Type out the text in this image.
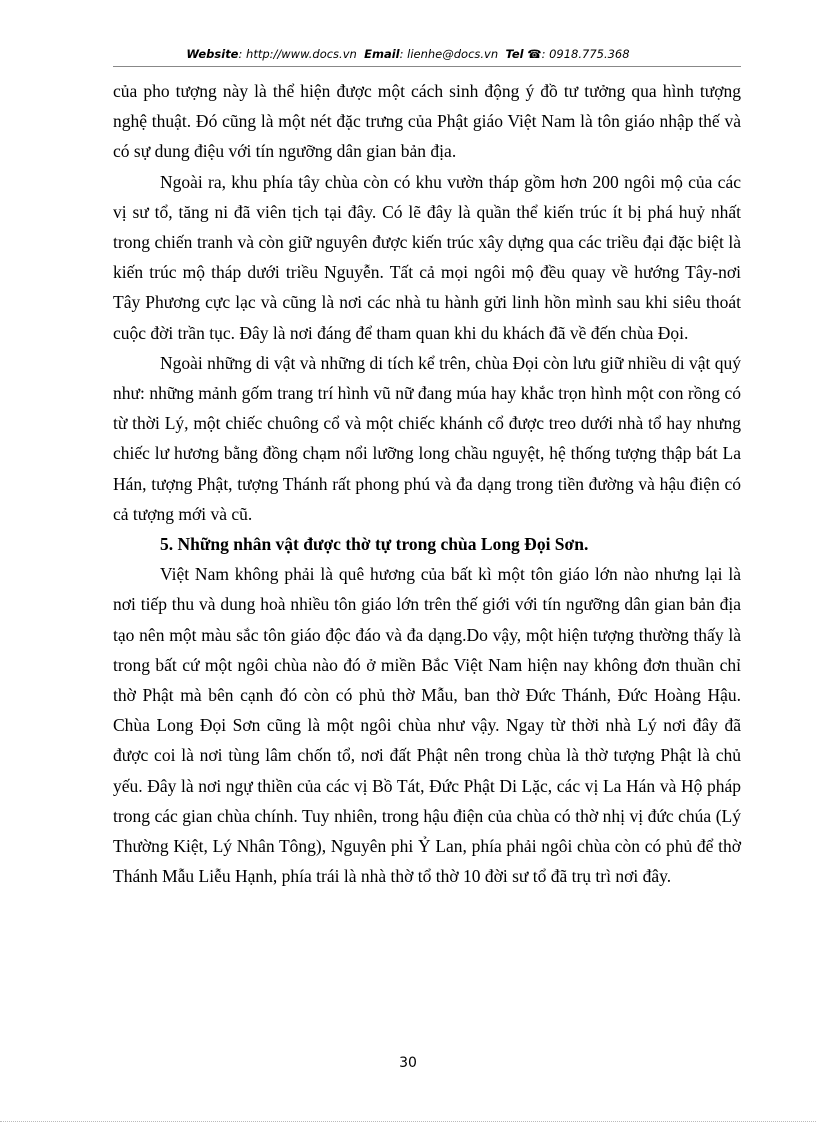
Website: http://www.docs.vn Email: lienhe@docs.vn Tel ☎: 0918.775.368

của pho tượng này là thể hiện được một cách sinh động ý đồ tư tưởng qua hình tượng nghệ thuật. Đó cũng là một nét đặc trưng của Phật giáo Việt Nam là tôn giáo nhập thế và có sự dung điệu với tín ngưỡng dân gian bản địa.

Ngoài ra, khu phía tây chùa còn có khu vườn tháp gồm hơn 200 ngôi mộ của các vị sư tổ, tăng ni đã viên tịch tại đây. Có lẽ đây là quần thể kiến trúc ít bị phá huỷ nhất trong chiến tranh và còn giữ nguyên được kiến trúc xây dựng qua các triều đại đặc biệt là kiến trúc mộ tháp dưới triều Nguyễn. Tất cả mọi ngôi mộ đều quay về hướng Tây-nơi Tây Phương cực lạc và cũng là nơi các nhà tu hành gửi linh hồn mình sau khi siêu thoát cuộc đời trần tục. Đây là nơi đáng để tham quan khi du khách đã về đến chùa Đọi.

Ngoài những di vật và những di tích kể trên, chùa Đọi còn lưu giữ nhiều di vật quý như: những mảnh gốm trang trí hình vũ nữ đang múa hay khắc trọn hình một con rồng có từ thời Lý, một chiếc chuông cổ và một chiếc khánh cổ được treo dưới nhà tổ hay nhưng chiếc lư hương bằng đồng chạm nổi lưỡng long chầu nguyệt, hệ thống tượng thập bát La Hán, tượng Phật, tượng Thánh rất phong phú và đa dạng trong tiền đường và hậu điện có cả tượng mới và cũ.

5. Những nhân vật được thờ tự trong chùa Long Đọi Sơn.

Việt Nam không phải là quê hương của bất kì một tôn giáo lớn nào nhưng lại là nơi tiếp thu và dung hoà nhiều tôn giáo lớn trên thế giới với tín ngưỡng dân gian bản địa tạo nên một màu sắc tôn giáo độc đáo và đa dạng.Do vậy, một hiện tượng thường thấy là trong bất cứ một ngôi chùa nào đó ở miền Bắc Việt Nam hiện nay không đơn thuần chỉ thờ Phật mà bên cạnh đó còn có phủ thờ Mẫu, ban thờ Đức Thánh, Đức Hoàng Hậu. Chùa Long Đọi Sơn cũng là một ngôi chùa như vậy. Ngay từ thời nhà Lý nơi đây đã được coi là nơi tùng lâm chốn tổ, nơi đất Phật nên trong chùa là thờ tượng Phật là chủ yếu. Đây là nơi ngự thiền của các vị Bồ Tát, Đức Phật Di Lặc, các vị La Hán và Hộ pháp trong các gian chùa chính. Tuy nhiên, trong hậu điện của chùa có thờ nhị vị đức chúa (Lý Thường Kiệt, Lý Nhân Tông), Nguyên phi Ỷ Lan, phía phải ngôi chùa còn có phủ để thờ Thánh Mẫu Liễu Hạnh, phía trái là nhà thờ tổ thờ 10 đời sư tổ đã trụ trì nơi đây.

30
